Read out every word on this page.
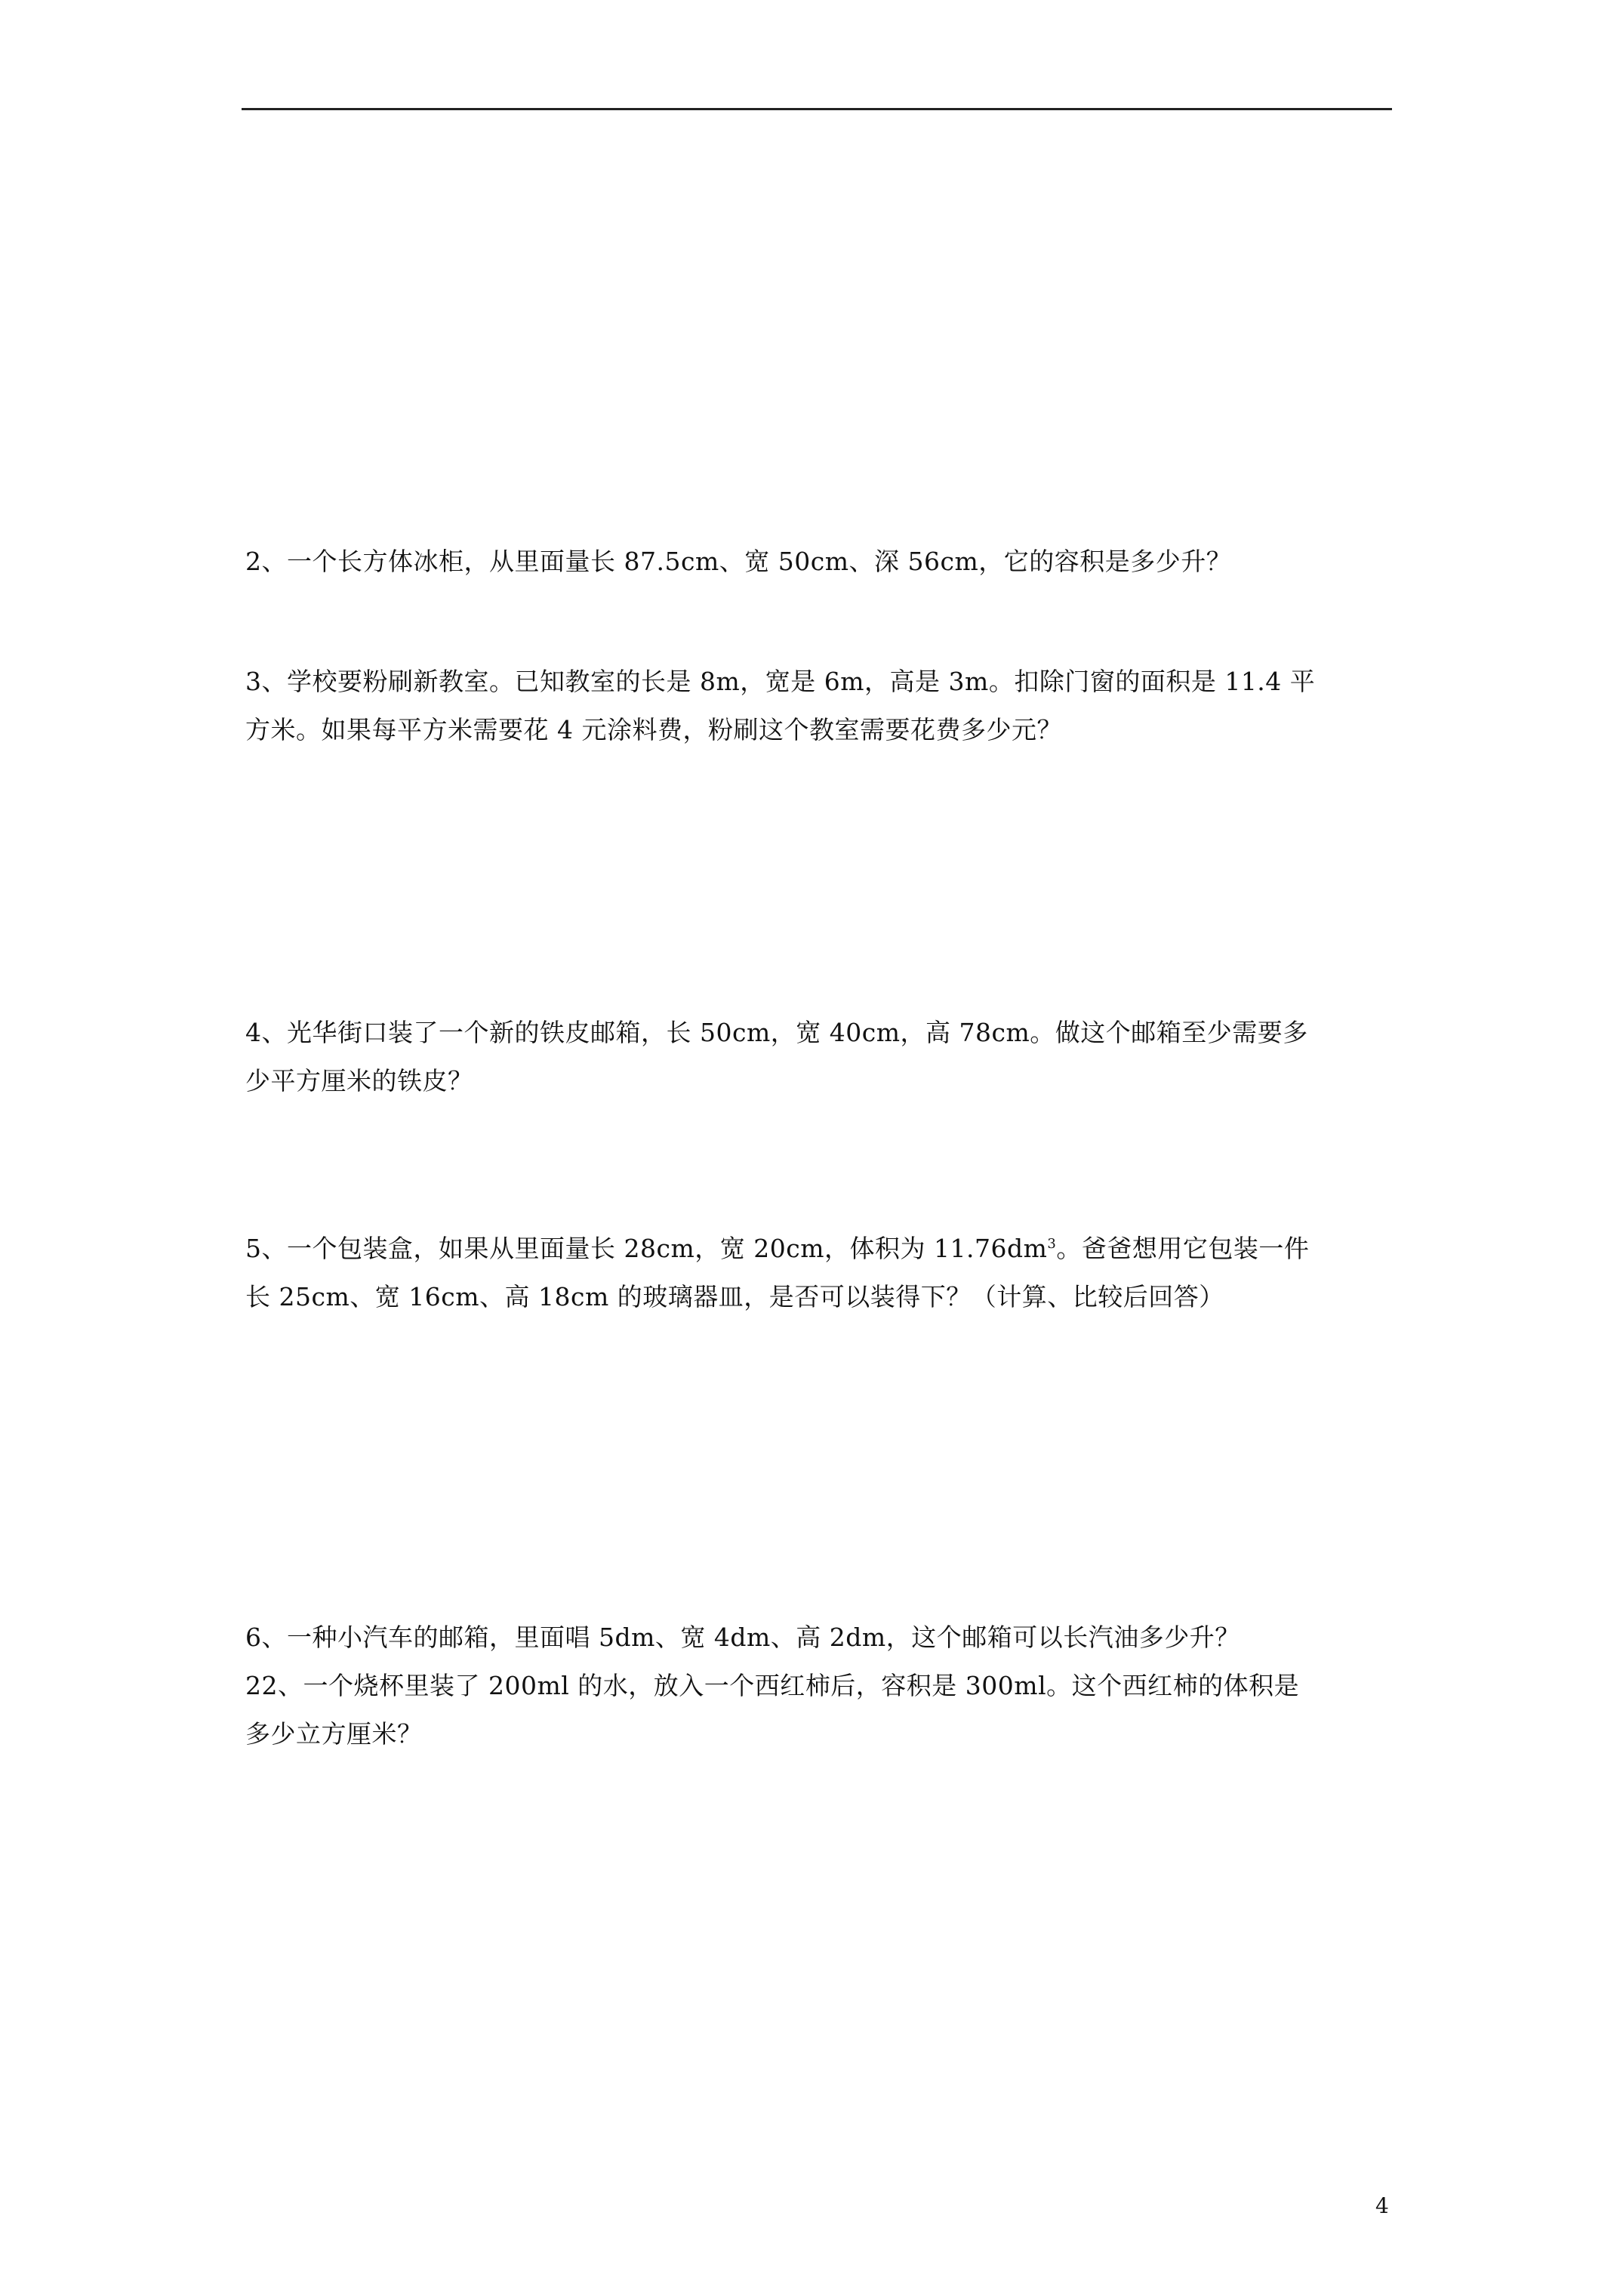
2、一个长方体冰柜，从里面量长 87.5cm、宽 50cm、深 56cm，它的容积是多少升？
3、学校要粉刷新教室。已知教室的长是 8m，宽是 6m，高是 3m。扣除门窗的面积是 11.4 平
方米。如果每平方米需要花 4 元涂料费，粉刷这个教室需要花费多少元？
4、光华街口装了一个新的铁皮邮箱，长 50cm，宽 40cm，高 78cm。做这个邮箱至少需要多
少平方厘米的铁皮？
5、一个包装盒，如果从里面量长 28cm，宽 20cm，体积为 $11.76dm^3$。爸爸想用它包装一件
长 25cm、宽 16cm、高 18cm 的玻璃器皿，是否可以装得下？（计算、比较后回答）
6、一种小汽车的邮箱，里面唱 5dm、宽 4dm、高 2dm，这个邮箱可以长汽油多少升？
22、一个烧杯里装了 200ml 的水，放入一个西红柿后，容积是 300ml。这个西红柿的体积是
多少立方厘米？
4
